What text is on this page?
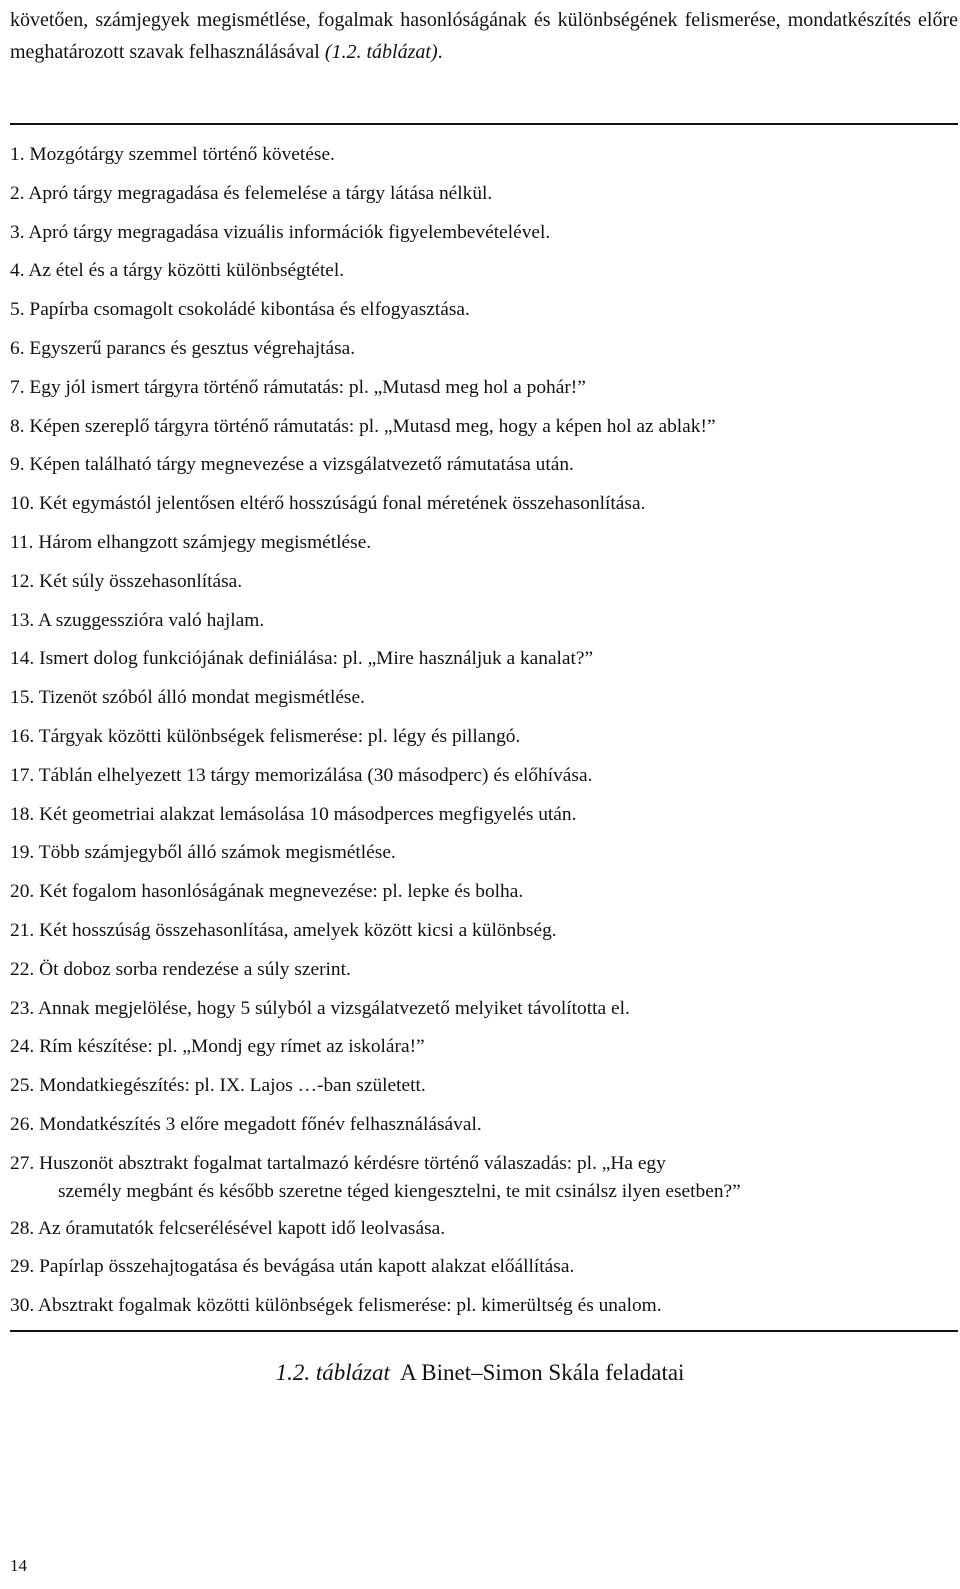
követően, számjegyek megismétlése, fogalmak hasonlóságának és különbségének felismerése, mondatkészítés előre meghatározott szavak felhasználásával (1.2. táblázat).
1. Mozgótárgy szemmel történő követése.
2. Apró tárgy megragadása és felemelése a tárgy látása nélkül.
3. Apró tárgy megragadása vizuális információk figyelembevételével.
4. Az étel és a tárgy közötti különbségtétel.
5. Papírba csomagolt csokoládé kibontása és elfogyasztása.
6. Egyszerű parancs és gesztus végrehajtása.
7. Egy jól ismert tárgyra történő rámutatás: pl. „Mutasd meg hol a pohár!”
8. Képen szereplő tárgyra történő rámutatás: pl. „Mutasd meg, hogy a képen hol az ablak!”
9. Képen található tárgy megnevezése a vizsgálatvezető rámutatása után.
10. Két egymástól jelentősen eltérő hosszúságú fonal méretének összehasonlítása.
11. Három elhangzott számjegy megismétlése.
12. Két súly összehasonlítása.
13. A szuggesszióra való hajlam.
14. Ismert dolog funkciójának definiálása: pl. „Mire használjuk a kanalat?”
15. Tizenöt szóból álló mondat megismétlése.
16. Tárgyak közötti különbségek felismerése: pl. légy és pillangó.
17. Táblán elhelyezett 13 tárgy memorizálása (30 másodperc) és előhívása.
18. Két geometriai alakzat lemásolása 10 másodperces megfigyelés után.
19. Több számjegyből álló számok megismétlése.
20. Két fogalom hasonlóságának megnevezése: pl. lepke és bolha.
21. Két hosszúság összehasonlítása, amelyek között kicsi a különbség.
22. Öt doboz sorba rendezése a súly szerint.
23. Annak megjelölése, hogy 5 súlyból a vizsgálatvezető melyiket távolította el.
24. Rím készítése: pl. „Mondj egy rímet az iskolára!”
25. Mondatkiegészítés: pl. IX. Lajos …-ban született.
26. Mondatkészítés 3 előre megadott főnév felhasználásával.
27. Huszonöt absztrakt fogalmat tartalmazó kérdésre történő válaszadás: pl. „Ha egy
személy megbánt és később szeretne téged kiengesztelni, te mit csinálsz ilyen esetben?”
28. Az óramutatók felcserélésével kapott idő leolvasása.
29. Papírlap összehajtogatása és bevágása után kapott alakzat előállítása.
30. Absztrakt fogalmak közötti különbségek felismerése: pl. kimerültség és unalom.
1.2. táblázat A Binet–Simon Skála feladatai
14
